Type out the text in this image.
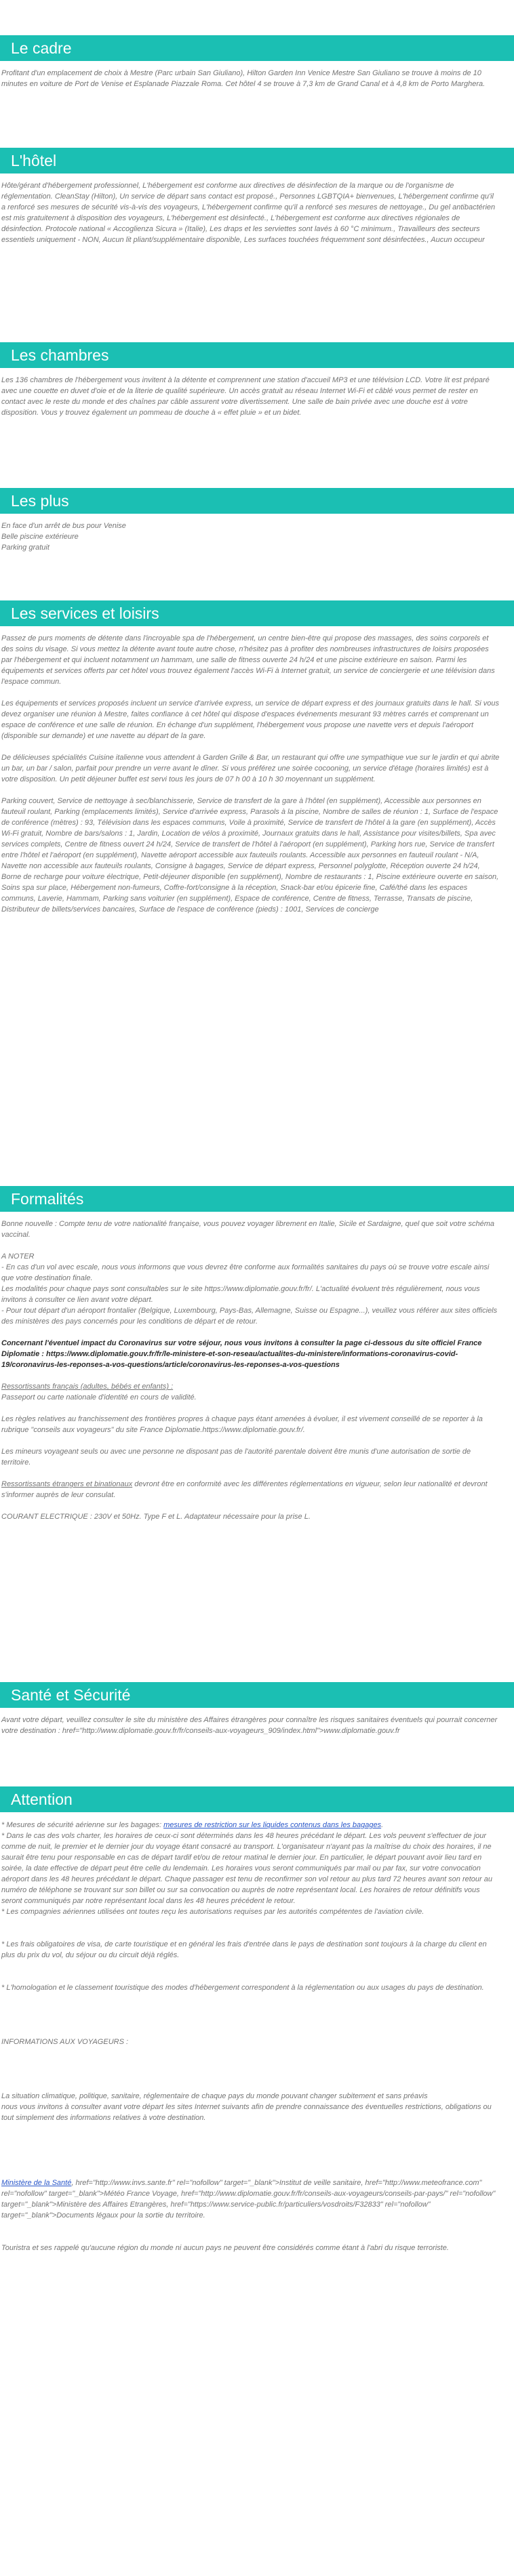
Le cadre

Profitant d'un emplacement de choix à Mestre (Parc urbain San Giuliano), Hilton Garden Inn Venice Mestre San Giuliano se trouve à moins de 10 minutes en voiture de Port de Venise et Esplanade Piazzale Roma. Cet hôtel 4 se trouve à 7,3 km de Grand Canal et à 4,8 km de Porto Marghera.

L'hôtel

Hôte/gérant d'hébergement professionnel, L'hébergement est conforme aux directives de désinfection de la marque ou de l'organisme de réglementation. CleanStay (Hilton), Un service de départ sans contact est proposé., Personnes LGBTQIA+ bienvenues, L'hébergement confirme qu'il a renforcé ses mesures de sécurité vis-à-vis des voyageurs, L'hébergement confirme qu'il a renforcé ses mesures de nettoyage., Du gel antibactérien est mis gratuitement à disposition des voyageurs, L'hébergement est désinfecté., L'hébergement est conforme aux directives régionales de désinfection. Protocole national « Accoglienza Sicura » (Italie), Les draps et les serviettes sont lavés à 60 °C minimum., Travailleurs des secteurs essentiels uniquement - NON, Aucun lit pliant/supplémentaire disponible, Les surfaces touchées fréquemment sont désinfectées., Aucun occupeur

Les chambres

Les 136 chambres de l'hébergement vous invitent à la détente et comprennent une station d'accueil MP3 et une télévision LCD. Votre lit est préparé avec une couette en duvet d'oie et de la literie de qualité supérieure. Un accès gratuit au réseau Internet Wi-Fi et câblé vous permet de rester en contact avec le reste du monde et des chaînes par câble assurent votre divertissement. Une salle de bain privée avec une douche est à votre disposition. Vous y trouvez également un pommeau de douche à « effet pluie » et un bidet.

Les plus

En face d'un arrêt de bus pour Venise

Belle piscine extérieure

Parking gratuit

Les services et loisirs

Passez de purs moments de détente dans l'incroyable spa de l'hébergement, un centre bien-être qui propose des massages, des soins corporels et des soins du visage. Si vous mettez la détente avant toute autre chose, n'hésitez pas à profiter des nombreuses infrastructures de loisirs proposées par l'hébergement et qui incluent notamment un hammam, une salle de fitness ouverte 24 h/24 et une piscine extérieure en saison. Parmi les équipements et services offerts par cet hôtel vous trouvez également l'accès Wi-Fi à Internet gratuit, un service de conciergerie et une télévision dans l'espace commun.

Les équipements et services proposés incluent un service d'arrivée express, un service de départ express et des journaux gratuits dans le hall. Si vous devez organiser une réunion à Mestre, faites confiance à cet hôtel qui dispose d'espaces événements mesurant 93 mètres carrés et comprenant un espace de conférence et une salle de réunion. En échange d'un supplément, l'hébergement vous propose une navette vers et depuis l'aéroport (disponible sur demande) et une navette au départ de la gare.

De délicieuses spécialités Cuisine italienne vous attendent à Garden Grille & Bar, un restaurant qui offre une sympathique vue sur le jardin et qui abrite un bar, un bar / salon, parfait pour prendre un verre avant le dîner. Si vous préférez une soirée cocooning, un service d'étage (horaires limités) est à votre disposition. Un petit déjeuner buffet est servi tous les jours de 07 h 00 à 10 h 30 moyennant un supplément.

Parking couvert, Service de nettoyage à sec/blanchisserie, Service de transfert de la gare à l'hôtel (en supplément), Accessible aux personnes en fauteuil roulant, Parking (emplacements limités), Service d'arrivée express, Parasols à la piscine, Nombre de salles de réunion : 1, Surface de l'espace de conférence (mètres) : 93, Télévision dans les espaces communs, Voile à proximité, Service de transfert de l'hôtel à la gare (en supplément), Accès Wi-Fi gratuit, Nombre de bars/salons : 1, Jardin, Location de vélos à proximité, Journaux gratuits dans le hall, Assistance pour visites/billets, Spa avec services complets, Centre de fitness ouvert 24 h/24, Service de transfert de l'hôtel à l'aéroport (en supplément), Parking hors rue, Service de transfert entre l'hôtel et l'aéroport (en supplément), Navette aéroport accessible aux fauteuils roulants. Accessible aux personnes en fauteuil roulant - N/A, Navette non accessible aux fauteuils roulants, Consigne à bagages, Service de départ express, Personnel polyglotte, Réception ouverte 24 h/24, Borne de recharge pour voiture électrique, Petit-déjeuner disponible (en supplément), Nombre de restaurants : 1, Piscine extérieure ouverte en saison, Soins spa sur place, Hébergement non-fumeurs, Coffre-fort/consigne à la réception, Snack-bar et/ou épicerie fine, Café/thé dans les espaces communs, Laverie, Hammam, Parking sans voiturier (en supplément), Espace de conférence, Centre de fitness, Terrasse, Transats de piscine, Distributeur de billets/services bancaires, Surface de l'espace de conférence (pieds) : 1001, Services de concierge

Formalités

Bonne nouvelle : Compte tenu de votre nationalité française, vous pouvez voyager librement en Italie, Sicile et Sardaigne, quel que soit votre schéma vaccinal.

A NOTER

- En cas d'un vol avec escale, nous vous informons que vous devrez être conforme aux formalités sanitaires du pays où se trouve votre escale ainsi que votre destination finale.

Les modalités pour chaque pays sont consultables sur le site https://www.diplomatie.gouv.fr/fr/. L'actualité évoluent très régulièrement, nous vous invitons à consulter ce lien avant votre départ.

- Pour tout départ d'un aéroport frontalier (Belgique, Luxembourg, Pays-Bas, Allemagne, Suisse ou Espagne...), veuillez vous référer aux sites officiels des ministères des pays concernés pour les conditions de départ et de retour.

Concernant l'éventuel impact du Coronavirus sur votre séjour, nous vous invitons à consulter la page ci-dessous du site officiel France Diplomatie : https://www.diplomatie.gouv.fr/fr/le-ministere-et-son-reseau/actualites-du-ministere/informations-coronavirus-covid-19/coronavirus-les-reponses-a-vos-questions/article/coronavirus-les-reponses-a-vos-questions

Ressortissants français (adultes, bébés et enfants) :

Passeport ou carte nationale d'identité en cours de validité.

Les règles relatives au franchissement des frontières propres à chaque pays étant amenées à évoluer, il est vivement conseillé de se reporter à la rubrique "conseils aux voyageurs" du site France Diplomatie.https://www.diplomatie.gouv.fr/.

Les mineurs voyageant seuls ou avec une personne ne disposant pas de l'autorité parentale doivent être munis d'une autorisation de sortie de territoire.

Ressortissants étrangers et binationaux devront être en conformité avec les différentes réglementations en vigueur, selon leur nationalité et devront s'informer auprès de leur consulat.

COURANT ELECTRIQUE : 230V et 50Hz. Type F et L. Adaptateur nécessaire pour la prise L.

Santé et Sécurité

Avant votre départ, veuillez consulter le site du ministère des Affaires étrangères pour connaître les risques sanitaires éventuels qui pourrait concerner votre destination : href="http://www.diplomatie.gouv.fr/fr/conseils-aux-voyageurs_909/index.html">www.diplomatie.gouv.fr

Attention

* Mesures de sécurité aérienne sur les bagages: mesures de restriction sur les liquides contenus dans les bagages.

* Dans le cas des vols charter, les horaires de ceux-ci sont déterminés dans les 48 heures précédant le départ. Les vols peuvent s'effectuer de jour comme de nuit, le premier et le dernier jour du voyage étant consacré au transport. L'organisateur n'ayant pas la maîtrise du choix des horaires, il ne saurait être tenu pour responsable en cas de départ tardif et/ou de retour matinal le dernier jour. En particulier, le départ pouvant avoir lieu tard en soirée, la date effective de départ peut être celle du lendemain. Les horaires vous seront communiqués par mail ou par fax, sur votre convocation aéroport dans les 48 heures précédant le départ. Chaque passager est tenu de reconfirmer son vol retour au plus tard 72 heures avant son retour au numéro de téléphone se trouvant sur son billet ou sur sa convocation ou auprès de notre représentant local. Les horaires de retour définitifs vous seront communiqués par notre représentant local dans les 48 heures précédent le retour.

* Les compagnies aériennes utilisées ont toutes reçu les autorisations requises par les autorités compétentes de l'aviation civile.

* Les frais obligatoires de visa, de carte touristique et en général les frais d'entrée dans le pays de destination sont toujours à la charge du client en plus du prix du vol, du séjour ou du circuit déjà réglés.

* L'homologation et le classement touristique des modes d'hébergement correspondent à la réglementation ou aux usages du pays de destination.

INFORMATIONS AUX VOYAGEURS :

La situation climatique, politique, sanitaire, réglementaire de chaque pays du monde pouvant changer subitement et sans préavis

nous vous invitons à consulter avant votre départ les sites Internet suivants afin de prendre connaissance des éventuelles restrictions, obligations ou tout simplement des informations relatives à votre destination.

Ministère de la Santé, href="http://www.invs.sante.fr" rel="nofollow" target="_blank">Institut de veille sanitaire, href="http://www.meteofrance.com" rel="nofollow" target="_blank">Météo France Voyage, href="http://www.diplomatie.gouv.fr/fr/conseils-aux-voyageurs/conseils-par-pays/" rel="nofollow" target="_blank">Ministère des Affaires Etrangères, href="https://www.service-public.fr/particuliers/vosdroits/F32833" rel="nofollow" target="_blank">Documents légaux pour la sortie du territoire.

Touristra et ses rappelé qu'aucune région du monde ni aucun pays ne peuvent être considérés comme étant à l'abri du risque terroriste.
